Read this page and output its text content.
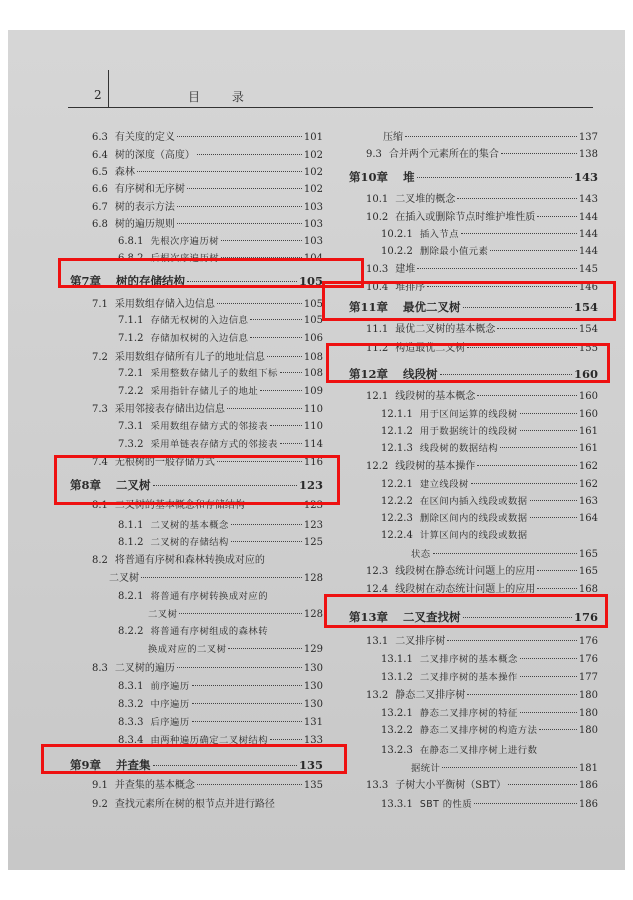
2	目 录
6.3 有关度的定义	101
6.4 树的深度（高度）	102
6.5 森林	102
6.6 有序树和无序树	102
6.7 树的表示方法	103
6.8 树的遍历规则	103
6.8.1 先根次序遍历树	103
6.8.2 后根次序遍历树	104
第7章 树的存储结构	105
7.1 采用数组存储入边信息	105
7.1.1 存储无权树的入边信息	105
7.1.2 存储加权树的入边信息	106
7.2 采用数组存储所有儿子的地址信息	108
7.2.1 采用整数存储儿子的数组下标	108
7.2.2 采用指针存储儿子的地址	109
7.3 采用邻接表存储出边信息	110
7.3.1 采用数组存储方式的邻接表	110
7.3.2 采用单链表存储方式的邻接表	114
7.4 无根树的一般存储方式	116
第8章 二叉树	123
8.1 二叉树的基本概念和存储结构	123
8.1.1 二叉树的基本概念	123
8.1.2 二叉树的存储结构	125
8.2 将普通有序树和森林转换成对应的
二叉树	128
8.2.1 将普通有序树转换成对应的
二叉树	128
8.2.2 将普通有序树组成的森林转
换成对应的二叉树	129
8.3 二叉树的遍历	130
8.3.1 前序遍历	130
8.3.2 中序遍历	130
8.3.3 后序遍历	131
8.3.4 由两种遍历确定二叉树结构	133
第9章 并查集	135
9.1 并查集的基本概念	135
9.2 查找元素所在树的根节点并进行路径
压缩	137
9.3 合并两个元素所在的集合	138
第10章 堆	143
10.1 二叉堆的概念	143
10.2 在插入或删除节点时维护堆性质	144
10.2.1 插入节点	144
10.2.2 删除最小值元素	144
10.3 建堆	145
10.4 堆排序	146
第11章 最优二叉树	154
11.1 最优二叉树的基本概念	154
11.2 构造最优二叉树	155
第12章 线段树	160
12.1 线段树的基本概念	160
12.1.1 用于区间运算的线段树	160
12.1.2 用于数据统计的线段树	161
12.1.3 线段树的数据结构	161
12.2 线段树的基本操作	162
12.2.1 建立线段树	162
12.2.2 在区间内插入线段或数据	163
12.2.3 删除区间内的线段或数据	164
12.2.4 计算区间内的线段或数据
状态	165
12.3 线段树在静态统计问题上的应用	165
12.4 线段树在动态统计问题上的应用	168
第13章 二叉查找树	176
13.1 二叉排序树	176
13.1.1 二叉排序树的基本概念	176
13.1.2 二叉排序树的基本操作	177
13.2 静态二叉排序树	180
13.2.1 静态二叉排序树的特征	180
13.2.2 静态二叉排序树的构造方法	180
13.2.3 在静态二叉排序树上进行数
据统计	181
13.3 子树大小平衡树（SBT）	186
13.3.1 SBT 的性质	186
